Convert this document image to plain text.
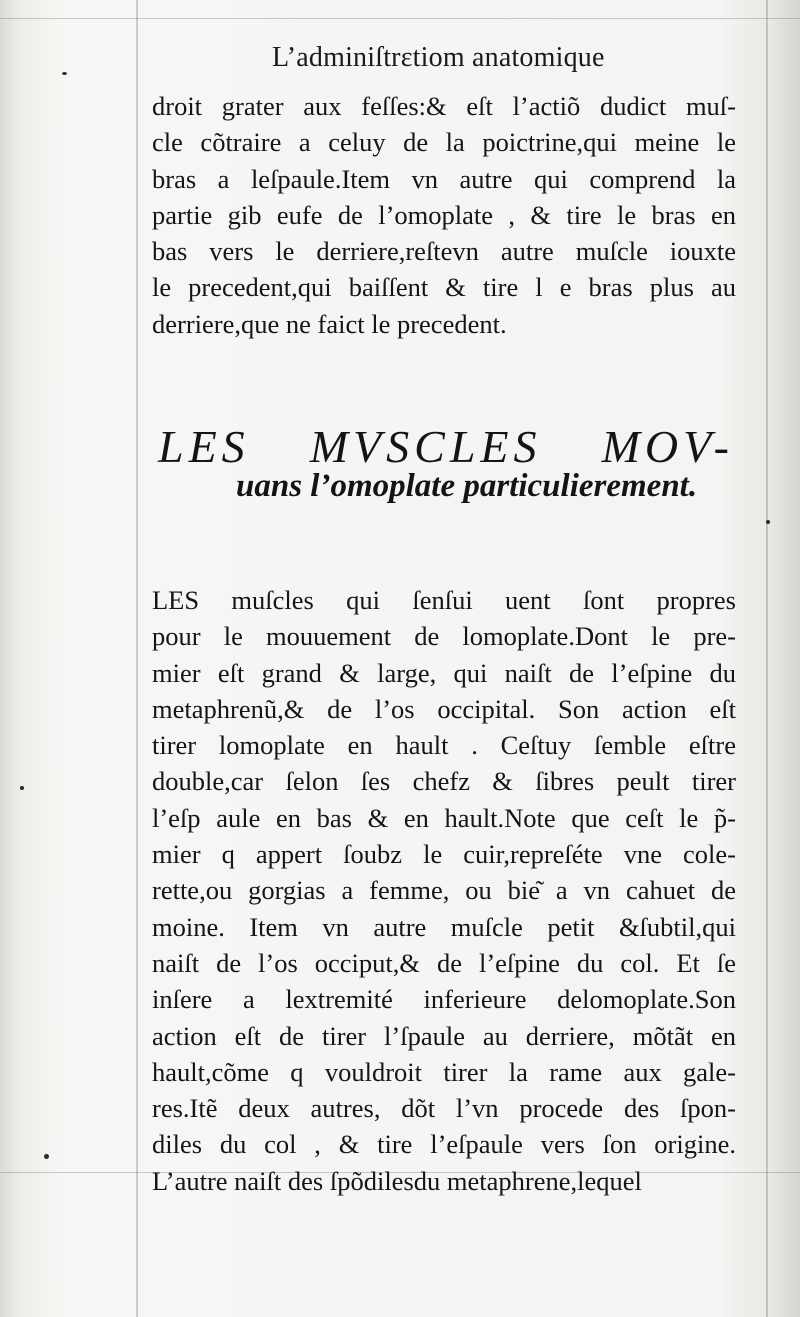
L’adminiſtrɛtiom anatomique
droit grater aux feſſes:& eſt l’actiõ dudict muſ-
cle cõtraire a celuy de la poictrine,qui meine le
bras a leſpaule.Item vn autre qui comprend la
partie gib eufe de l’omoplate , & tire le bras en
bas vers le derriere,reſtevn autre muſcle iouxte
le precedent,qui baiſſent & tire l e bras plus au
derriere,que ne faict le precedent.
LES MVSCLES MOV-
uans l’omoplate particulierement.
LES muſcles qui ſenſui uent ſont propres
pour le mouuement de lomoplate.Dont le pre-
mier eſt grand & large, qui naiſt de l’eſpine du
metaphrenũ,& de l’os occipital. Son action eſt
tirer lomoplate en hault . Ceſtuy ſemble eſtre
double,car ſelon ſes chefz & ſibres peult tirer
l’eſp aule en bas & en hault.Note que ceſt le p̃-
mier q appert ſoubz le cuir,repreſéte vne cole-
rette,ou gorgias a femme, ou bie͂ a vn cahuet de
moine. Item vn autre muſcle petit &ſubtil,qui
naiſt de l’os occiput,& de l’eſpine du col. Et ſe
inſere a lextremité inferieure delomoplate.Son
action eſt de tirer l’ſpaule au derriere, mõtãt en
hault,cõme q vouldroit tirer la rame aux gale-
res.Itẽ deux autres, dõt l’vn procede des ſpon-
diles du col , & tire l’eſpaule vers ſon origine.
L’autre naiſt des ſpõdilesdu metaphrene,lequel
